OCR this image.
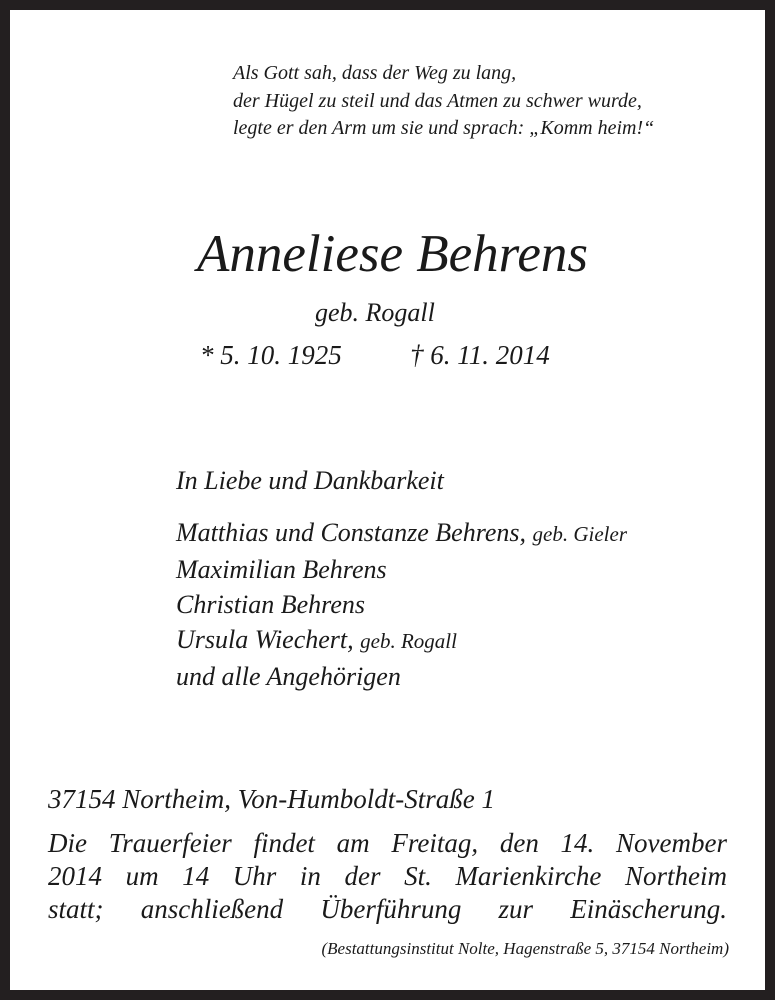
Als Gott sah, dass der Weg zu lang,
der Hügel zu steil und das Atmen zu schwer wurde,
legte er den Arm um sie und sprach: „Komm heim!“
Anneliese Behrens
geb. Rogall
* 5. 10. 1925	† 6. 11. 2014
In Liebe und Dankbarkeit
Matthias und Constanze Behrens, geb. Gieler
Maximilian Behrens
Christian Behrens
Ursula Wiechert, geb. Rogall
und alle Angehörigen
37154 Northeim, Von-Humboldt-Straße 1
Die Trauerfeier findet am Freitag, den 14. November
2014 um 14 Uhr in der St. Marienkirche Northeim
statt; anschließend Überführung zur Einäscherung.
(Bestattungsinstitut Nolte, Hagenstraße 5, 37154 Northeim)
